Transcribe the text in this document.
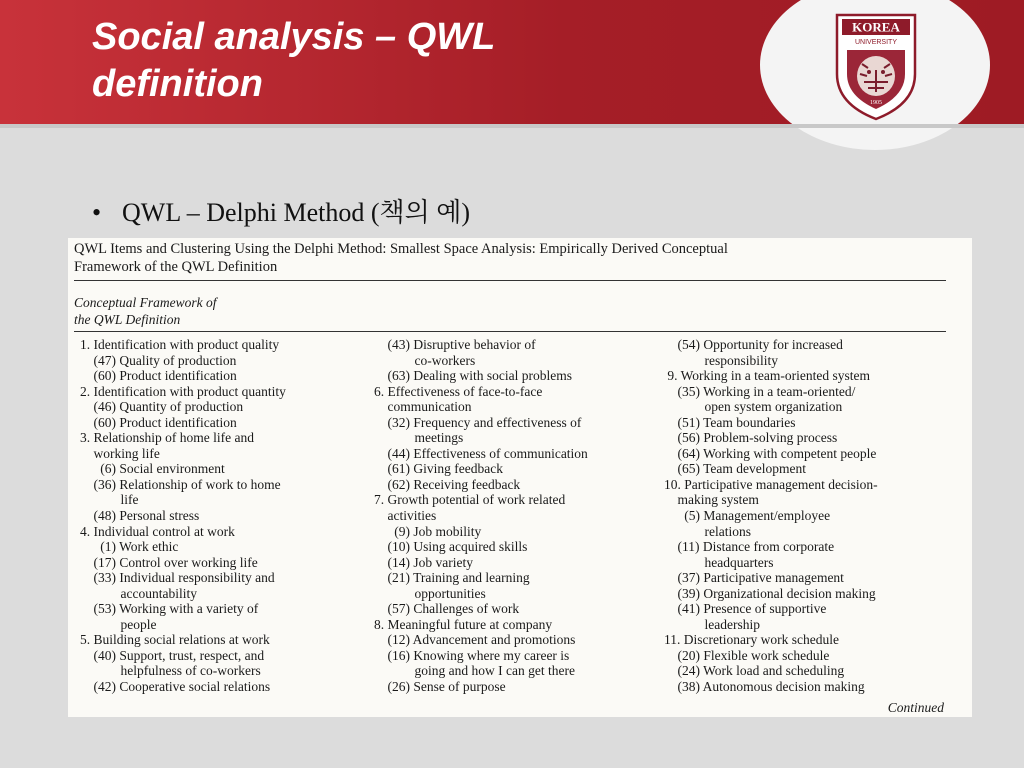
Social analysis – QWL
definition
KOREA
UNIVERSITY
1905
• QWL – Delphi Method (책의 예)
QWL Items and Clustering Using the Delphi Method: Smallest Space Analysis: Empirically Derived Conceptual
Framework of the QWL Definition
Conceptual Framework of
the QWL Definition
1. Identification with product quality
(47) Quality of production
(60) Product identification
2. Identification with product quantity
(46) Quantity of production
(60) Product identification
3. Relationship of home life and
working life
(6) Social environment
(36) Relationship of work to home
life
(48) Personal stress
4. Individual control at work
(1) Work ethic
(17) Control over working life
(33) Individual responsibility and
accountability
(53) Working with a variety of
people
5. Building social relations at work
(40) Support, trust, respect, and
helpfulness of co-workers
(42) Cooperative social relations
(43) Disruptive behavior of
co-workers
(63) Dealing with social problems
6. Effectiveness of face-to-face
communication
(32) Frequency and effectiveness of
meetings
(44) Effectiveness of communication
(61) Giving feedback
(62) Receiving feedback
7. Growth potential of work related
activities
(9) Job mobility
(10) Using acquired skills
(14) Job variety
(21) Training and learning
opportunities
(57) Challenges of work
8. Meaningful future at company
(12) Advancement and promotions
(16) Knowing where my career is
going and how I can get there
(26) Sense of purpose
(54) Opportunity for increased
responsibility
9. Working in a team-oriented system
(35) Working in a team-oriented/
open system organization
(51) Team boundaries
(56) Problem-solving process
(64) Working with competent people
(65) Team development
10. Participative management decision-
making system
(5) Management/employee
relations
(11) Distance from corporate
headquarters
(37) Participative management
(39) Organizational decision making
(41) Presence of supportive
leadership
11. Discretionary work schedule
(20) Flexible work schedule
(24) Work load and scheduling
(38) Autonomous decision making
Continued
